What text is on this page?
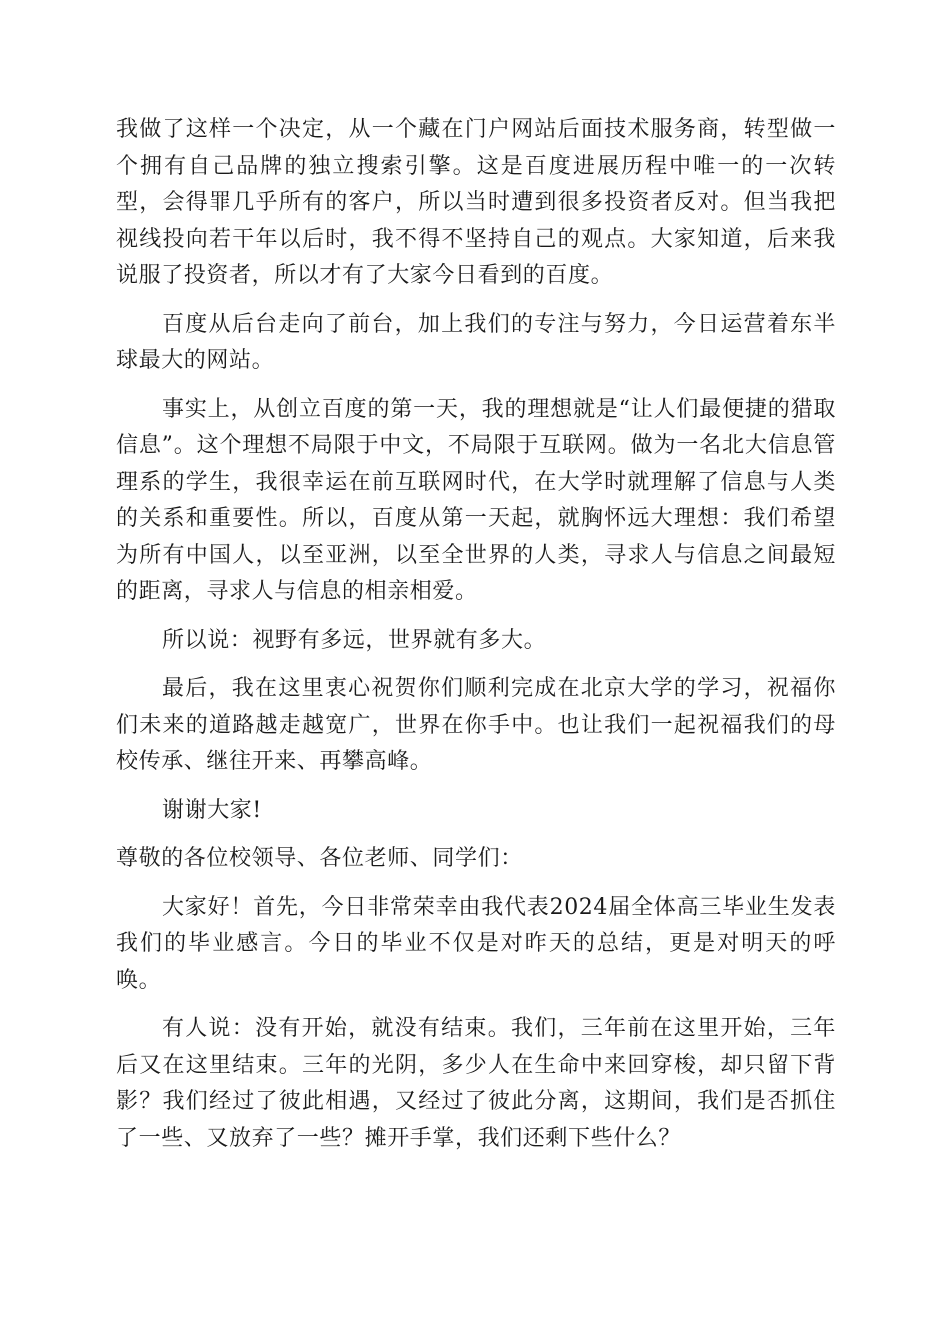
我做了这样一个决定，从一个藏在门户网站后面技术服务商，转型做一个拥有自己品牌的独立搜索引擎。这是百度进展历程中唯一的一次转型，会得罪几乎所有的客户，所以当时遭到很多投资者反对。但当我把视线投向若干年以后时，我不得不坚持自己的观点。大家知道，后来我说服了投资者，所以才有了大家今日看到的百度。

百度从后台走向了前台，加上我们的专注与努力，今日运营着东半球最大的网站。

事实上，从创立百度的第一天，我的理想就是“让人们最便捷的猎取信息”。这个理想不局限于中文，不局限于互联网。做为一名北大信息管理系的学生，我很幸运在前互联网时代，在大学时就理解了信息与人类的关系和重要性。所以，百度从第一天起，就胸怀远大理想：我们希望为所有中国人，以至亚洲，以至全世界的人类，寻求人与信息之间最短的距离，寻求人与信息的相亲相爱。

所以说：视野有多远，世界就有多大。

最后，我在这里衷心祝贺你们顺利完成在北京大学的学习，祝福你们未来的道路越走越宽广，世界在你手中。也让我们一起祝福我们的母校传承、继往开来、再攀高峰。

谢谢大家!

尊敬的各位校领导、各位老师、同学们：

大家好！首先，今日非常荣幸由我代表2024届全体高三毕业生发表我们的毕业感言。今日的毕业不仅是对昨天的总结，更是对明天的呼唤。

有人说：没有开始，就没有结束。我们，三年前在这里开始，三年后又在这里结束。三年的光阴，多少人在生命中来回穿梭，却只留下背影？我们经过了彼此相遇，又经过了彼此分离，这期间，我们是否抓住了一些、又放弃了一些？摊开手掌，我们还剩下些什么？
